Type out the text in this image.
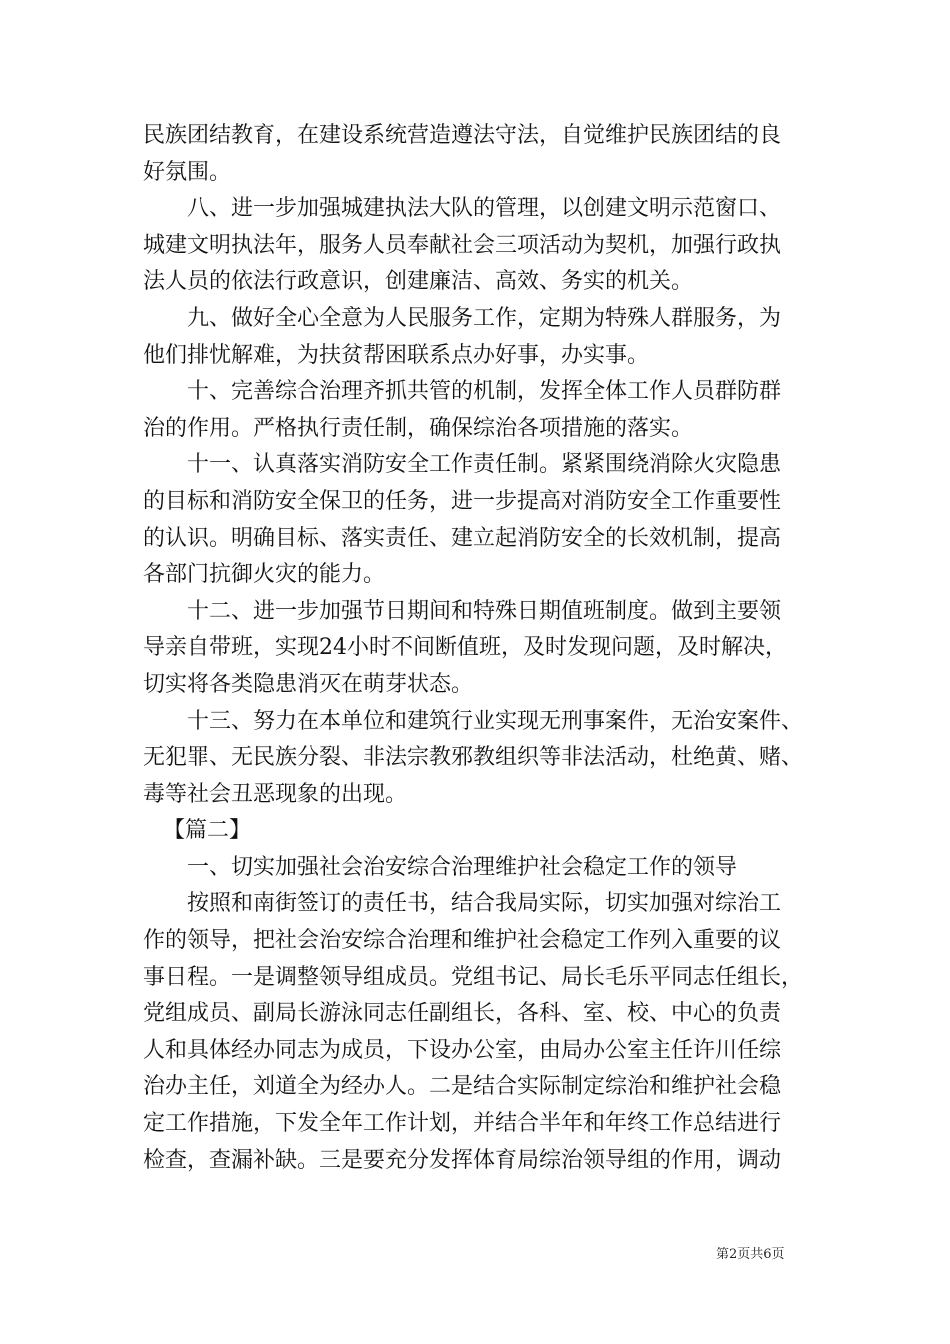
民族团结教育，在建设系统营造遵法守法，自觉维护民族团结的良
好氛围。
八、进一步加强城建执法大队的管理，以创建文明示范窗口、
城建文明执法年，服务人员奉献社会三项活动为契机，加强行政执
法人员的依法行政意识，创建廉洁、高效、务实的机关。
九、做好全心全意为人民服务工作，定期为特殊人群服务，为
他们排忧解难，为扶贫帮困联系点办好事，办实事。
十、完善综合治理齐抓共管的机制，发挥全体工作人员群防群
治的作用。严格执行责任制，确保综治各项措施的落实。
十一、认真落实消防安全工作责任制。紧紧围绕消除火灾隐患
的目标和消防安全保卫的任务，进一步提高对消防安全工作重要性
的认识。明确目标、落实责任、建立起消防安全的长效机制，提高
各部门抗御火灾的能力。
十二、进一步加强节日期间和特殊日期值班制度。做到主要领
导亲自带班，实现24小时不间断值班，及时发现问题，及时解决，
切实将各类隐患消灭在萌芽状态。
十三、努力在本单位和建筑行业实现无刑事案件，无治安案件、
无犯罪、无民族分裂、非法宗教邪教组织等非法活动，杜绝黄、赌、
毒等社会丑恶现象的出现。
【篇二】
一、切实加强社会治安综合治理维护社会稳定工作的领导
按照和南街签订的责任书，结合我局实际，切实加强对综治工
作的领导，把社会治安综合治理和维护社会稳定工作列入重要的议
事日程。一是调整领导组成员。党组书记、局长毛乐平同志任组长，
党组成员、副局长游泳同志任副组长，各科、室、校、中心的负责
人和具体经办同志为成员，下设办公室，由局办公室主任许川任综
治办主任，刘道全为经办人。二是结合实际制定综治和维护社会稳
定工作措施，下发全年工作计划，并结合半年和年终工作总结进行
检查，查漏补缺。三是要充分发挥体育局综治领导组的作用，调动
第2页共6页
